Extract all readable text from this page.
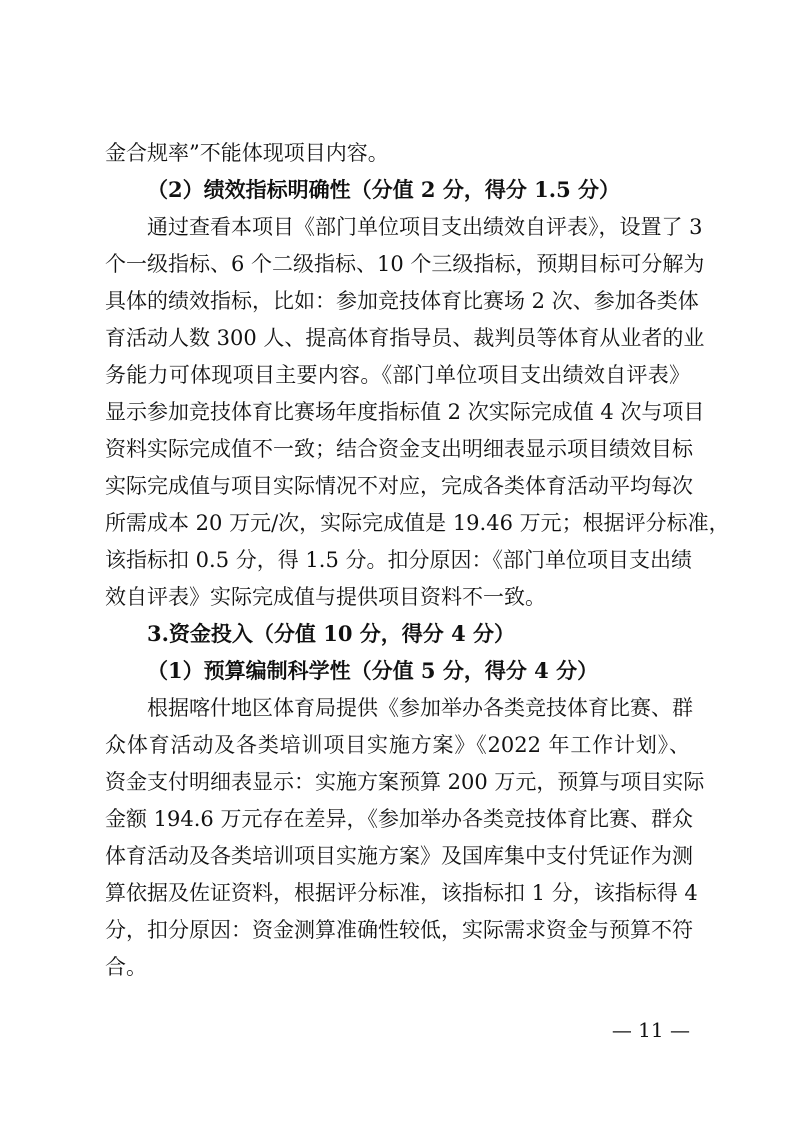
金合规率”不能体现项目内容。
（2）绩效指标明确性（分值 2 分，得分 1.5 分）
通过查看本项目《部门单位项目支出绩效自评表》，设置了 3
个一级指标、6 个二级指标、10 个三级指标，预期目标可分解为
具体的绩效指标，比如：参加竞技体育比赛场 2 次、参加各类体
育活动人数 300 人、提高体育指导员、裁判员等体育从业者的业
务能力可体现项目主要内容。《部门单位项目支出绩效自评表》
显示参加竞技体育比赛场年度指标值 2 次实际完成值 4 次与项目
资料实际完成值不一致；结合资金支出明细表显示项目绩效目标
实际完成值与项目实际情况不对应，完成各类体育活动平均每次
所需成本 20 万元/次，实际完成值是 19.46 万元；根据评分标准，
该指标扣 0.5 分，得 1.5 分。扣分原因：《部门单位项目支出绩
效自评表》实际完成值与提供项目资料不一致。
3.资金投入（分值 10 分，得分 4 分）
（1）预算编制科学性（分值 5 分，得分 4 分）
根据喀什地区体育局提供《参加举办各类竞技体育比赛、群
众体育活动及各类培训项目实施方案》《2022 年工作计划》、
资金支付明细表显示：实施方案预算 200 万元，预算与项目实际
金额 194.6 万元存在差异，《参加举办各类竞技体育比赛、群众
体育活动及各类培训项目实施方案》及国库集中支付凭证作为测
算依据及佐证资料，根据评分标准，该指标扣 1 分，该指标得 4
分，扣分原因：资金测算准确性较低，实际需求资金与预算不符
合。
— 11 —
